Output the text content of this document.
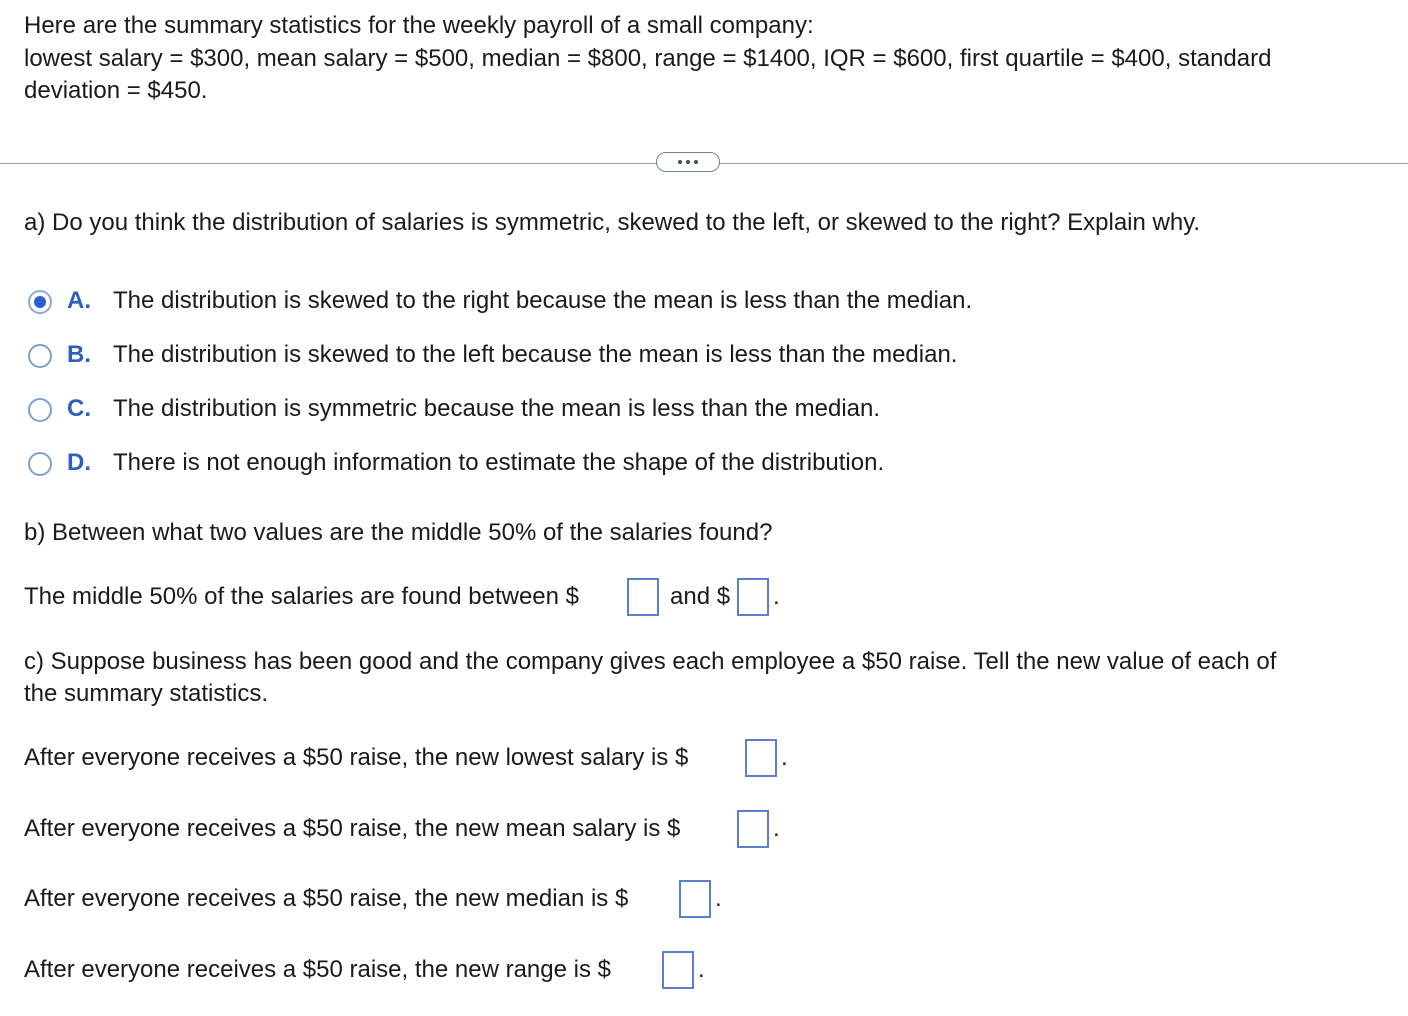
Here are the summary statistics for the weekly payroll of a small company:
lowest salary = $300, mean salary = $500, median = $800, range = $1400, IQR = $600, first quartile = $400, standard
deviation = $450.
a) Do you think the distribution of salaries is symmetric, skewed to the left, or skewed to the right? Explain why.
A. The distribution is skewed to the right because the mean is less than the median.
B. The distribution is skewed to the left because the mean is less than the median.
C. The distribution is symmetric because the mean is less than the median.
D. There is not enough information to estimate the shape of the distribution.
b) Between what two values are the middle 50% of the salaries found?
The middle 50% of the salaries are found between $	and $ .
c) Suppose business has been good and the company gives each employee a $50 raise. Tell the new value of each of
the summary statistics.
After everyone receives a $50 raise, the new lowest salary is $	.
After everyone receives a $50 raise, the new mean salary is $	.
After everyone receives a $50 raise, the new median is $	.
After everyone receives a $50 raise, the new range is $	.
